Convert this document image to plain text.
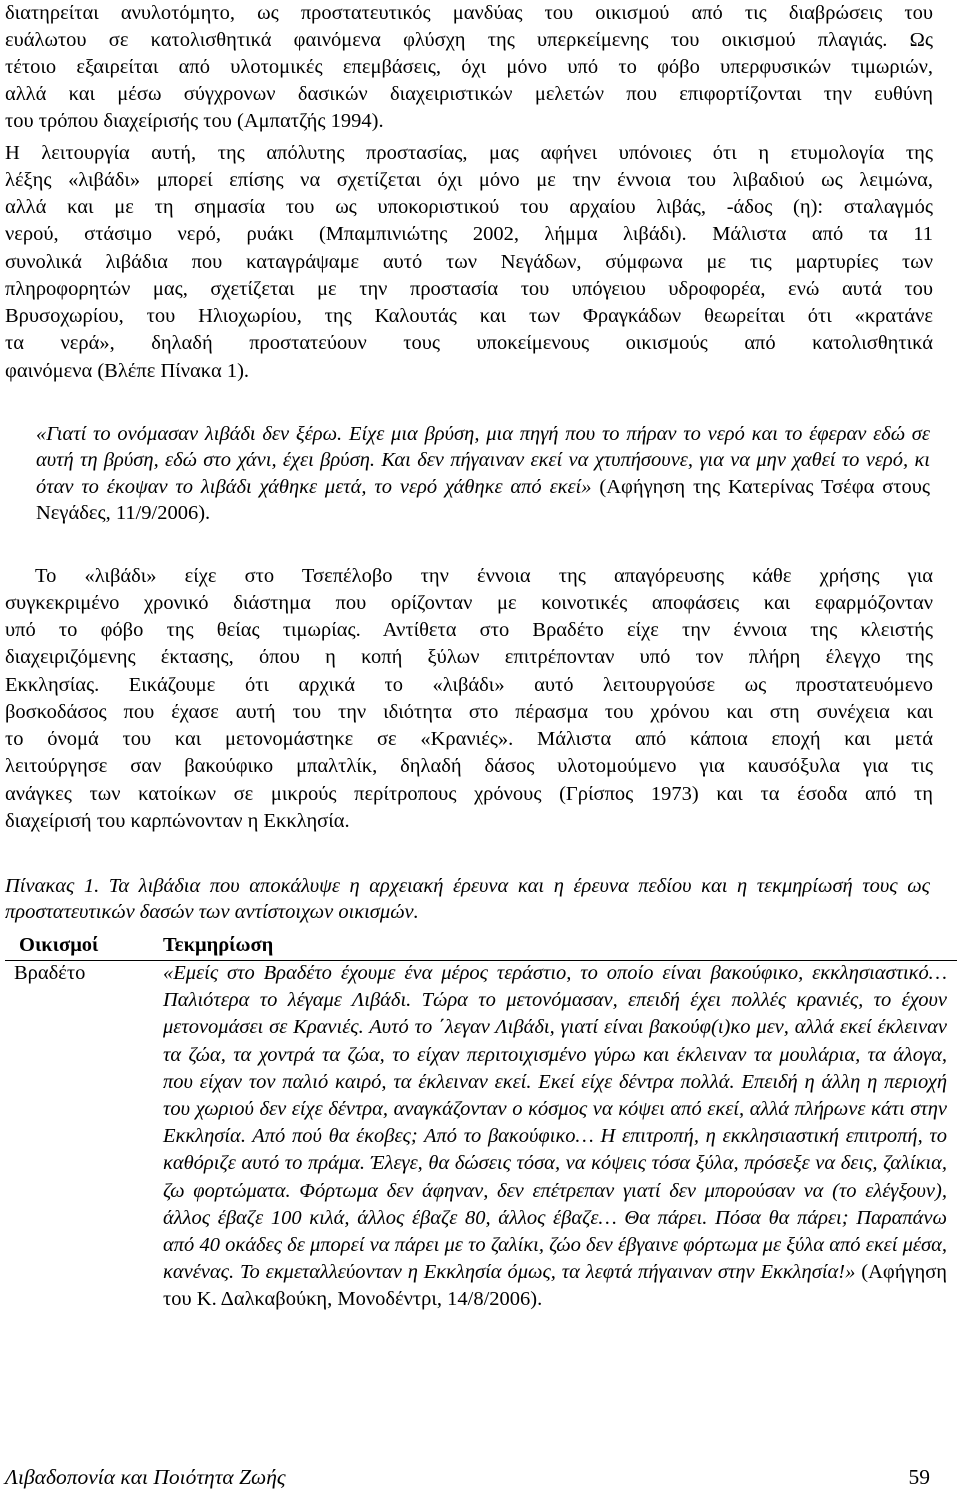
διατηρείται ανυλοτόμητο, ως προστατευτικός μανδύας του οικισμού από τις διαβρώσεις του
ευάλωτου σε κατολισθητικά φαινόμενα φλύσχη της υπερκείμενης του οικισμού πλαγιάς. Ως
τέτοιο εξαιρείται από υλοτομικές επεμβάσεις, όχι μόνο υπό το φόβο υπερφυσικών τιμωριών,
αλλά και μέσω σύγχρονων δασικών διαχειριστικών μελετών που επιφορτίζονται την ευθύνη
του τρόπου διαχείρισής του (Αμπατζής 1994).
Η λειτουργία αυτή, της απόλυτης προστασίας, μας αφήνει υπόνοιες ότι η ετυμολογία της
λέξης «λιβάδι» μπορεί επίσης να σχετίζεται όχι μόνο με την έννοια του λιβαδιού ως λειμώνα,
αλλά και με τη σημασία του ως υποκοριστικού του αρχαίου λιβάς, -άδος (η): σταλαγμός
νερού, στάσιμο νερό, ρυάκι (Μπαμπινιώτης 2002, λήμμα λιβάδι). Μάλιστα από τα 11
συνολικά λιβάδια που καταγράψαμε αυτό των Νεγάδων, σύμφωνα με τις μαρτυρίες των
πληροφορητών μας, σχετίζεται με την προστασία του υπόγειου υδροφορέα, ενώ αυτά του
Βρυσοχωρίου, του Ηλιοχωρίου, της Καλουτάς και των Φραγκάδων θεωρείται ότι «κρατάνε
τα νερά», δηλαδή προστατεύουν τους υποκείμενους οικισμούς από κατολισθητικά
φαινόμενα (Βλέπε Πίνακα 1).

«Γιατί το ονόμασαν λιβάδι δεν ξέρω. Είχε μια βρύση, μια πηγή που το πήραν το νερό και το έφεραν εδώ σε αυτή τη βρύση, εδώ στο χάνι, έχει βρύση. Και δεν πήγαιναν εκεί να χτυπήσουνε, για να μην χαθεί το νερό, κι όταν το έκοψαν το λιβάδι χάθηκε μετά, το νερό χάθηκε από εκεί» (Αφήγηση της Κατερίνας Τσέφα στους Νεγάδες, 11/9/2006).

Το «λιβάδι» είχε στο Τσεπέλοβο την έννοια της απαγόρευσης κάθε χρήσης για
συγκεκριμένο χρονικό διάστημα που ορίζονταν με κοινοτικές αποφάσεις και εφαρμόζονταν
υπό το φόβο της θείας τιμωρίας. Αντίθετα στο Βραδέτο είχε την έννοια της κλειστής
διαχειριζόμενης έκτασης, όπου η κοπή ξύλων επιτρέπονταν υπό τον πλήρη έλεγχο της
Εκκλησίας. Εικάζουμε ότι αρχικά το «λιβάδι» αυτό λειτουργούσε ως προστατευόμενο
βοσκοδάσος που έχασε αυτή του την ιδιότητα στο πέρασμα του χρόνου και στη συνέχεια και
το όνομά του και μετονομάστηκε σε «Κρανιές». Μάλιστα από κάποια εποχή και μετά
λειτούργησε σαν βακούφικο μπαλτλίκ, δηλαδή δάσος υλοτομούμενο για καυσόξυλα για τις
ανάγκες των κατοίκων σε μικρούς περίτροπους χρόνους (Γρίσπος 1973) και τα έσοδα από τη
διαχείρισή του καρπώνονταν η Εκκλησία.

Πίνακας 1. Τα λιβάδια που αποκάλυψε η αρχειακή έρευνα και η έρευνα πεδίου και η τεκμηρίωσή τους ως προστατευτικών δασών των αντίστοιχων οικισμών.

Οικισμοί	Τεκμηρίωση
Βραδέτο	«Εμείς στο Βραδέτο έχουμε ένα μέρος τεράστιο, το οποίο είναι βακούφικο, εκκλησιαστικό… Παλιότερα το λέγαμε Λιβάδι. Τώρα το μετονόμασαν, επειδή έχει πολλές κρανιές, το έχουν μετονομάσει σε Κρανιές. Αυτό το ΄λεγαν Λιβάδι, γιατί είναι βακούφ(ι)κο μεν, αλλά εκεί έκλειναν τα ζώα, τα χοντρά τα ζώα, το είχαν περιτοιχισμένο γύρω και έκλειναν τα μουλάρια, τα άλογα, που είχαν τον παλιό καιρό, τα έκλειναν εκεί. Εκεί είχε δέντρα πολλά. Επειδή η άλλη η περιοχή του χωριού δεν είχε δέντρα, αναγκάζονταν ο κόσμος να κόψει από εκεί, αλλά πλήρωνε κάτι στην Εκκλησία. Από πού θα έκοβες; Από το βακούφικο… Η επιτροπή, η εκκλησιαστική επιτροπή, το καθόριζε αυτό το πράμα. Έλεγε, θα δώσεις τόσα, να κόψεις τόσα ξύλα, πρόσεξε να δεις, ζαλίκια, ζω φορτώματα. Φόρτωμα δεν άφηναν, δεν επέτρεπαν γιατί δεν μπορούσαν να (το ελέγξουν), άλλος έβαζε 100 κιλά, άλλος έβαζε 80, άλλος έβαζε… Θα πάρει. Πόσα θα πάρει; Παραπάνω από 40 οκάδες δε μπορεί να πάρει με το ζαλίκι, ζώο δεν έβγαινε φόρτωμα με ξύλα από εκεί μέσα, κανένας. Το εκμεταλλεύονταν η Εκκλησία όμως, τα λεφτά πήγαιναν στην Εκκλησία!» (Αφήγηση του Κ. Δαλκαβούκη, Μονοδέντρι, 14/8/2006).

Λιβαδοπονία και Ποιότητα Ζωής	59
